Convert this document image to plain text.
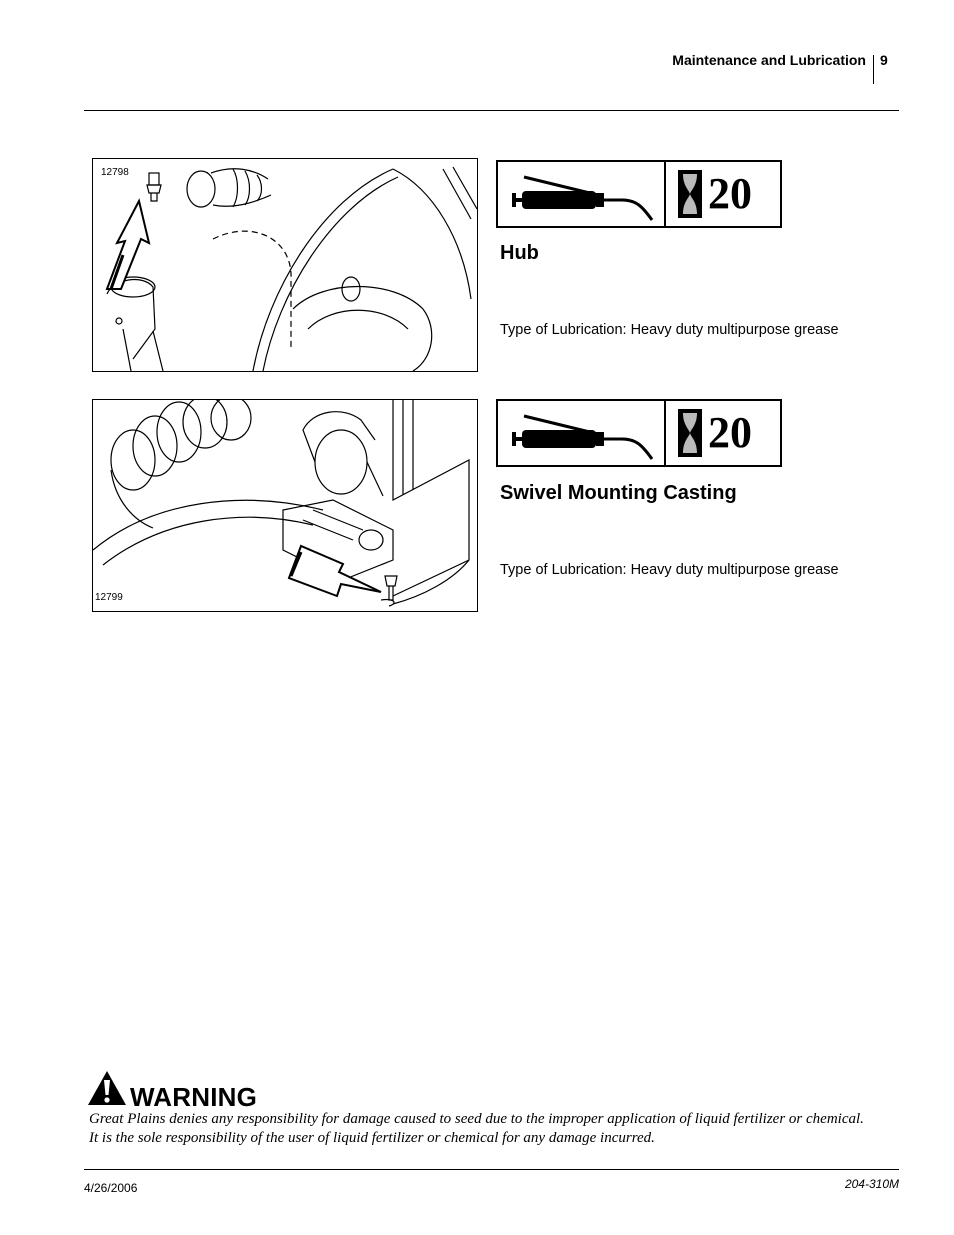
Maintenance and Lubrication 9
12798	20
Hub
Type of Lubrication: Heavy duty multipurpose grease
12799
20
Swivel Mounting Casting
Type of Lubrication: Heavy duty multipurpose grease
WARNING
Great Plains denies any responsibility for damage caused to seed due to the improper application of liquid fertilizer or chemical.
It is the sole responsibility of the user of liquid fertilizer or chemical for any damage incurred.
4/26/2006	204-310M
